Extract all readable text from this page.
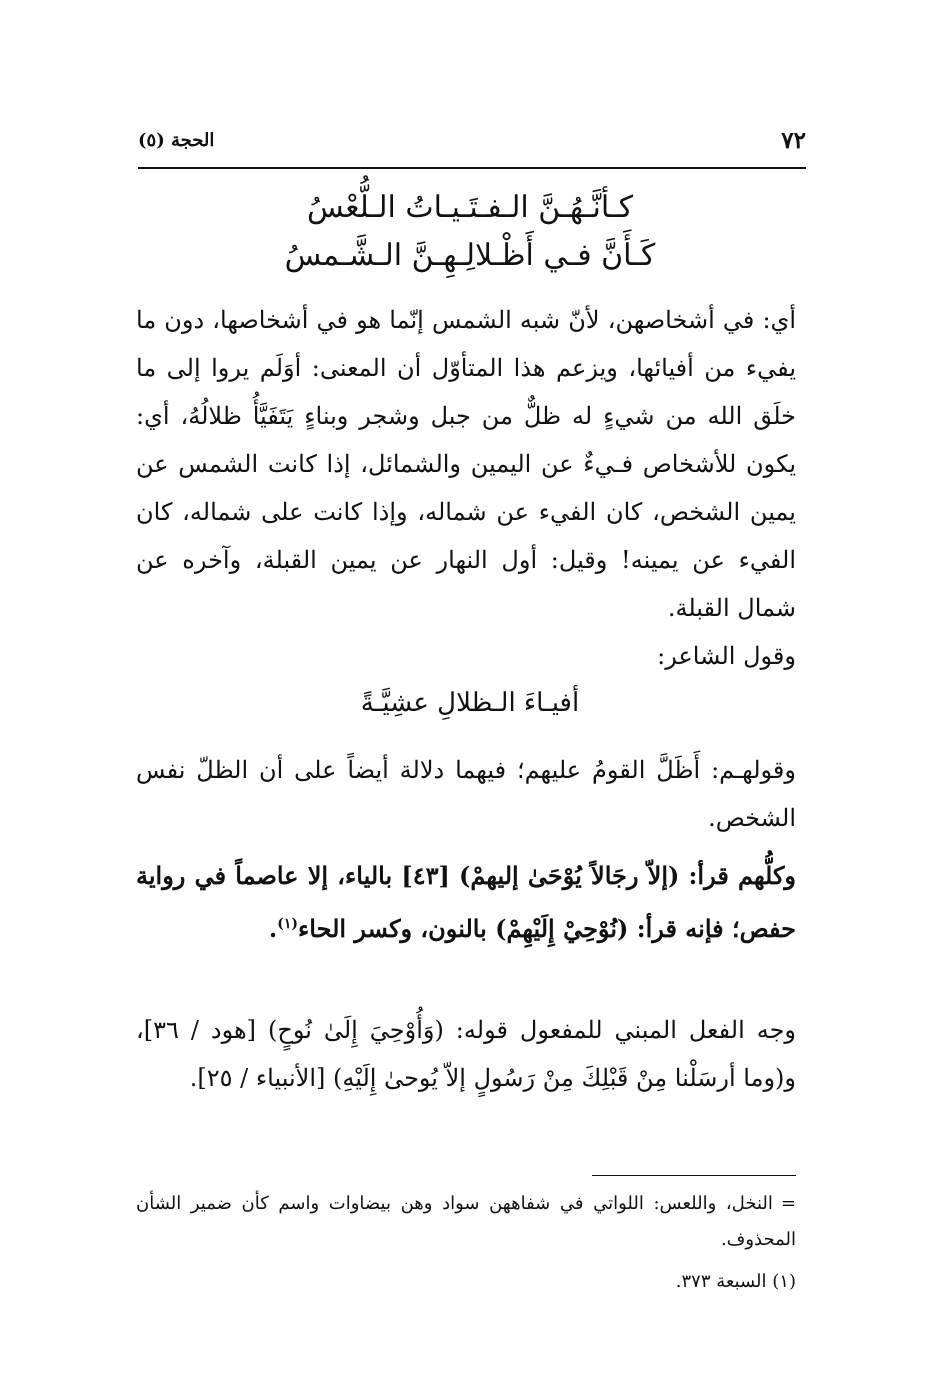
٧٢
الحجة (٥)
كـأنَّـهُـنَّ الـفـتَـيـاتُ الـلُّعْسُ
كَـأَنَّ فـي أَظْـلالِـهِـنَّ الـشَّـمسُ

أي: في أشخاصهن، لأنّ شبه الشمس إنّما هو في أشخاصها، دون ما يفيء من أفيائها، ويزعم هذا المتأوّل أن المعنى: أوَلَم يروا إلى ما خلَق الله من شيءٍ له ظلٌّ من جبل وشجر وبناءٍ يَتَفَيَّأُ ظلالُهُ، أي: يكون للأشخاص فـيءٌ عن اليمين والشمائل، إذا كانت الشمس عن يمين الشخص، كان الفيء عن شماله، وإذا كانت على شماله، كان الفيء عن يمينه! وقيل: أول النهار عن يمين القبلة، وآخره عن شمال القبلة.

وقول الشاعر:

أفيـاءَ الـظلالِ عشِيَّـةً

وقولهـم: أَظَلَّ القومُ عليهم؛ فيهما دلالة أيضاً على أن الظلّ نفس الشخص.

وكلُّهم قرأ: (إلاّ رجَالاً يُوْحَىٰ إليهمْ) [٤٣] بالياء، إلا عاصماً في رواية حفص؛ فإنه قرأ: (نُوْحِيْ إِلَيْهِمْ) بالنون، وكسر الحاء$^{(١)}$.

وجه الفعل المبني للمفعول قوله: (وَأُوْحِيَ إِلَىٰ نُوحٍ) [هود / ٣٦]، و(وما أرسَلْنا مِنْ قَبْلِكَ مِنْ رَسُولٍ إلاّ يُوحىٰ إِلَيْهِ) [الأنبياء / ٢٥].

=النخل، واللعس: اللواتي في شفاههن سواد وهن بيضاوات واسم كأن ضمير الشأن المحذوف.

(١) السبعة ٣٧٣.
